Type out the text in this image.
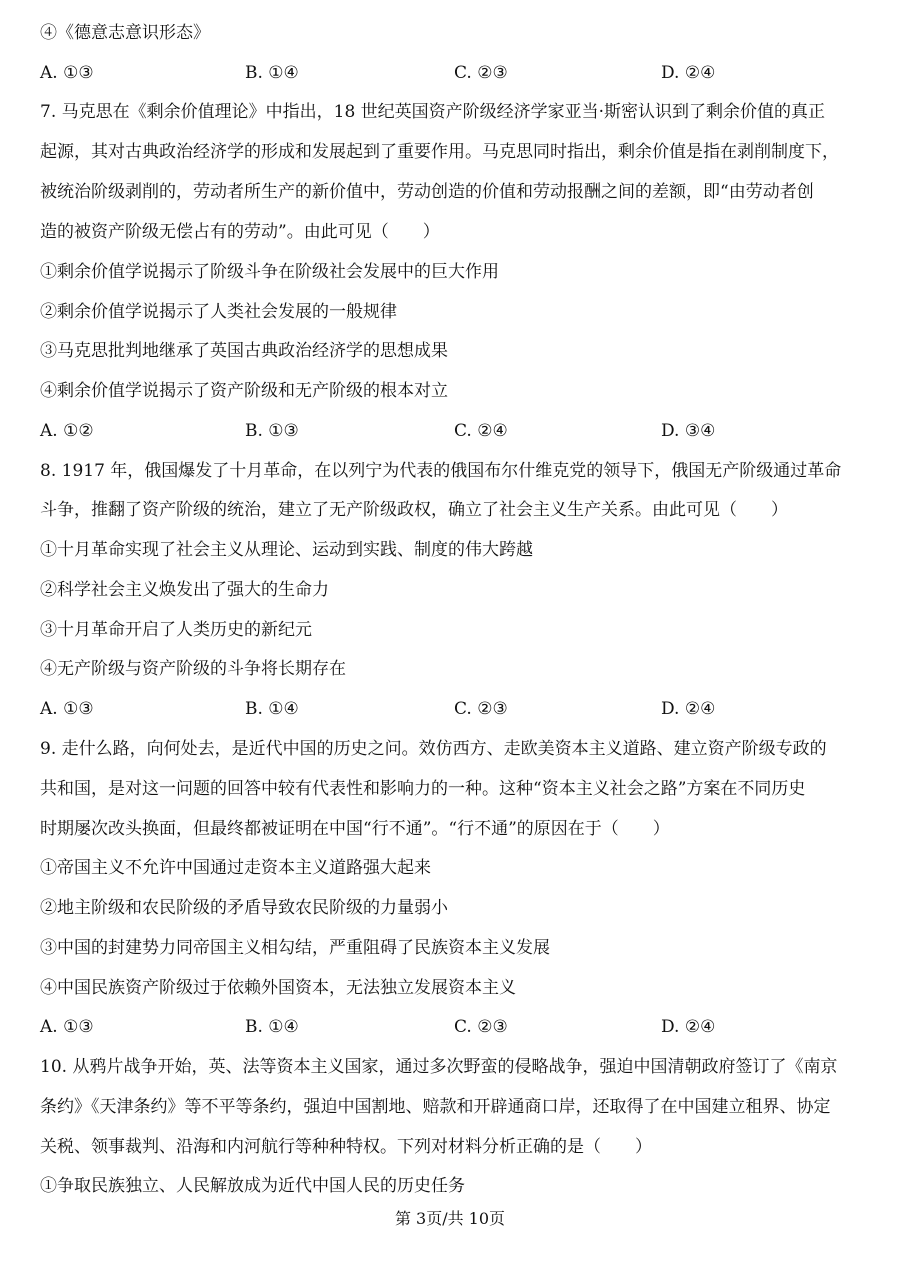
④《德意志意识形态》
A. ①③	B. ①④	C. ②③	D. ②④
7. 马克思在《剩余价值理论》中指出，18 世纪英国资产阶级经济学家亚当·斯密认识到了剩余价值的真正
起源，其对古典政治经济学的形成和发展起到了重要作用。马克思同时指出，剩余价值是指在剥削制度下，
被统治阶级剥削的，劳动者所生产的新价值中，劳动创造的价值和劳动报酬之间的差额，即“由劳动者创
造的被资产阶级无偿占有的劳动”。由此可见（　　）
①剩余价值学说揭示了阶级斗争在阶级社会发展中的巨大作用
②剩余价值学说揭示了人类社会发展的一般规律
③马克思批判地继承了英国古典政治经济学的思想成果
④剩余价值学说揭示了资产阶级和无产阶级的根本对立
A. ①②	B. ①③	C. ②④	D. ③④
8. 1917 年，俄国爆发了十月革命，在以列宁为代表的俄国布尔什维克党的领导下，俄国无产阶级通过革命
斗争，推翻了资产阶级的统治，建立了无产阶级政权，确立了社会主义生产关系。由此可见（　　）
①十月革命实现了社会主义从理论、运动到实践、制度的伟大跨越
②科学社会主义焕发出了强大的生命力
③十月革命开启了人类历史的新纪元
④无产阶级与资产阶级的斗争将长期存在
A. ①③	B. ①④	C. ②③	D. ②④
9. 走什么路，向何处去，是近代中国的历史之问。效仿西方、走欧美资本主义道路、建立资产阶级专政的
共和国，是对这一问题的回答中较有代表性和影响力的一种。这种“资本主义社会之路”方案在不同历史
时期屡次改头换面，但最终都被证明在中国“行不通”。“行不通”的原因在于（　　）
①帝国主义不允许中国通过走资本主义道路强大起来
②地主阶级和农民阶级的矛盾导致农民阶级的力量弱小
③中国的封建势力同帝国主义相勾结，严重阻碍了民族资本主义发展
④中国民族资产阶级过于依赖外国资本，无法独立发展资本主义
A. ①③	B. ①④	C. ②③	D. ②④
10. 从鸦片战争开始，英、法等资本主义国家，通过多次野蛮的侵略战争，强迫中国清朝政府签订了《南京
条约》《天津条约》等不平等条约，强迫中国割地、赔款和开辟通商口岸，还取得了在中国建立租界、协定
关税、领事裁判、沿海和内河航行等种种特权。下列对材料分析正确的是（　　）
①争取民族独立、人民解放成为近代中国人民的历史任务
第 3页/共 10页
